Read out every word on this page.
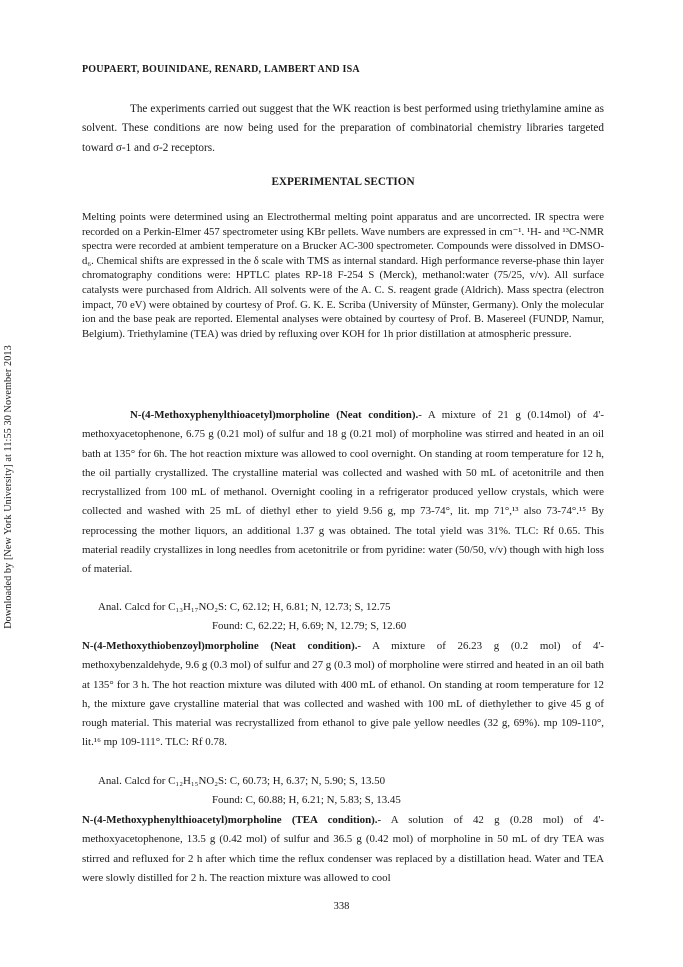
Downloaded by [New York University] at 11:55 30 November 2013
POUPAERT, BOUINIDANE, RENARD, LAMBERT AND ISA
The experiments carried out suggest that the WK reaction is best performed using triethylamine amine as solvent. These conditions are now being used for the preparation of combinatorial chemistry libraries targeted toward σ-1 and σ-2 receptors.
EXPERIMENTAL SECTION
Melting points were determined using an Electrothermal melting point apparatus and are uncorrected. IR spectra were recorded on a Perkin-Elmer 457 spectrometer using KBr pellets. Wave numbers are expressed in cm⁻¹. ¹H- and ¹³C-NMR spectra were recorded at ambient temperature on a Brucker AC-300 spectrometer. Compounds were dissolved in DMSO-d₆. Chemical shifts are expressed in the δ scale with TMS as internal standard. High performance reverse-phase thin layer chromatography conditions were: HPTLC plates RP-18 F-254 S (Merck), methanol:water (75/25, v/v). All surface catalysts were purchased from Aldrich. All solvents were of the A. C. S. reagent grade (Aldrich). Mass spectra (electron impact, 70 eV) were obtained by courtesy of Prof. G. K. E. Scriba (University of Münster, Germany). Only the molecular ion and the base peak are reported. Elemental analyses were obtained by courtesy of Prof. B. Masereel (FUNDP, Namur, Belgium). Triethylamine (TEA) was dried by refluxing over KOH for 1h prior distillation at atmospheric pressure.
N-(4-Methoxyphenylthioacetyl)morpholine (Neat condition).- A mixture of 21 g (0.14mol) of 4'-methoxyacetophenone, 6.75 g (0.21 mol) of sulfur and 18 g (0.21 mol) of morpholine was stirred and heated in an oil bath at 135° for 6h. The hot reaction mixture was allowed to cool overnight. On standing at room temperature for 12 h, the oil partially crystallized. The crystalline material was collected and washed with 50 mL of acetonitrile and then recrystallized from 100 mL of methanol. Overnight cooling in a refrigerator produced yellow crystals, which were collected and washed with 25 mL of diethyl ether to yield 9.56 g, mp 73-74°, lit. mp 71°,¹³ also 73-74°.¹⁵ By reprocessing the mother liquors, an additional 1.37 g was obtained. The total yield was 31%. TLC: Rf 0.65. This material readily crystallizes in long needles from acetonitrile or from pyridine: water (50/50, v/v) though with high loss of material.
Anal. Calcd for C₁₃H₁₇NO₂S: C, 62.12; H, 6.81; N, 12.73; S, 12.75
Found: C, 62.22; H, 6.69; N, 12.79; S, 12.60
N-(4-Methoxythiobenzoyl)morpholine (Neat condition).- A mixture of 26.23 g (0.2 mol) of 4'-methoxybenzaldehyde, 9.6 g (0.3 mol) of sulfur and 27 g (0.3 mol) of morpholine were stirred and heated in an oil bath at 135° for 3 h. The hot reaction mixture was diluted with 400 mL of ethanol. On standing at room temperature for 12 h, the mixture gave crystalline material that was collected and washed with 100 mL of diethylether to give 45 g of rough material. This material was recrystallized from ethanol to give pale yellow needles (32 g, 69%). mp 109-110°, lit.¹⁶ mp 109-111°. TLC: Rf 0.78.
Anal. Calcd for C₁₂H₁₅NO₂S: C, 60.73; H, 6.37; N, 5.90; S, 13.50
Found: C, 60.88; H, 6.21; N, 5.83; S, 13.45
N-(4-Methoxyphenylthioacetyl)morpholine (TEA condition).- A solution of 42 g (0.28 mol) of 4'-methoxyacetophenone, 13.5 g (0.42 mol) of sulfur and 36.5 g (0.42 mol) of morpholine in 50 mL of dry TEA was stirred and refluxed for 2 h after which time the reflux condenser was replaced by a distillation head. Water and TEA were slowly distilled for 2 h. The reaction mixture was allowed to cool
338
